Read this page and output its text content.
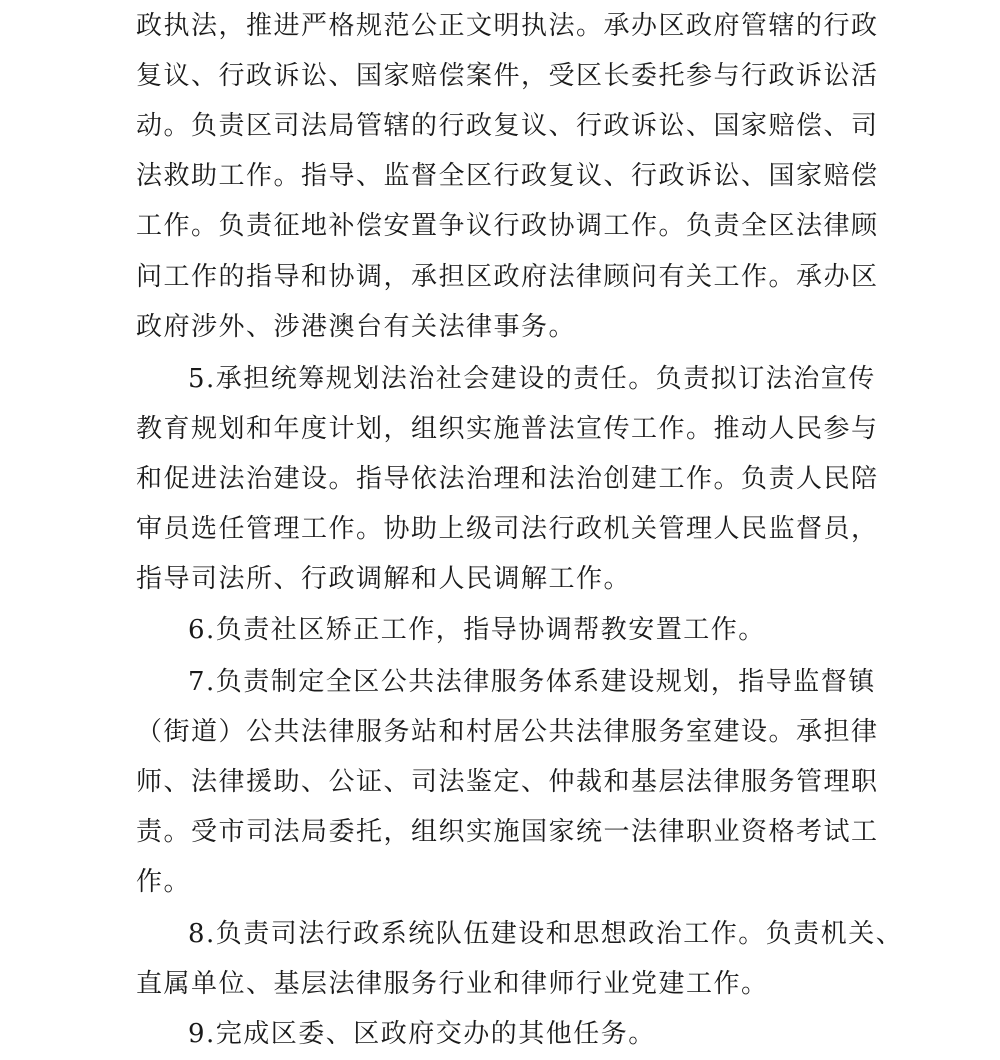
政执法，推进严格规范公正文明执法。承办区政府管辖的行政

复议、行政诉讼、国家赔偿案件，受区长委托参与行政诉讼活

动。负责区司法局管辖的行政复议、行政诉讼、国家赔偿、司

法救助工作。指导、监督全区行政复议、行政诉讼、国家赔偿

工作。负责征地补偿安置争议行政协调工作。负责全区法律顾

问工作的指导和协调，承担区政府法律顾问有关工作。承办区

政府涉外、涉港澳台有关法律事务。

5.承担统筹规划法治社会建设的责任。负责拟订法治宣传

教育规划和年度计划，组织实施普法宣传工作。推动人民参与

和促进法治建设。指导依法治理和法治创建工作。负责人民陪

审员选任管理工作。协助上级司法行政机关管理人民监督员，

指导司法所、行政调解和人民调解工作。

6.负责社区矫正工作，指导协调帮教安置工作。

7.负责制定全区公共法律服务体系建设规划，指导监督镇

（街道）公共法律服务站和村居公共法律服务室建设。承担律

师、法律援助、公证、司法鉴定、仲裁和基层法律服务管理职

责。受市司法局委托，组织实施国家统一法律职业资格考试工

作。

8.负责司法行政系统队伍建设和思想政治工作。负责机关、

直属单位、基层法律服务行业和律师行业党建工作。

9.完成区委、区政府交办的其他任务。
